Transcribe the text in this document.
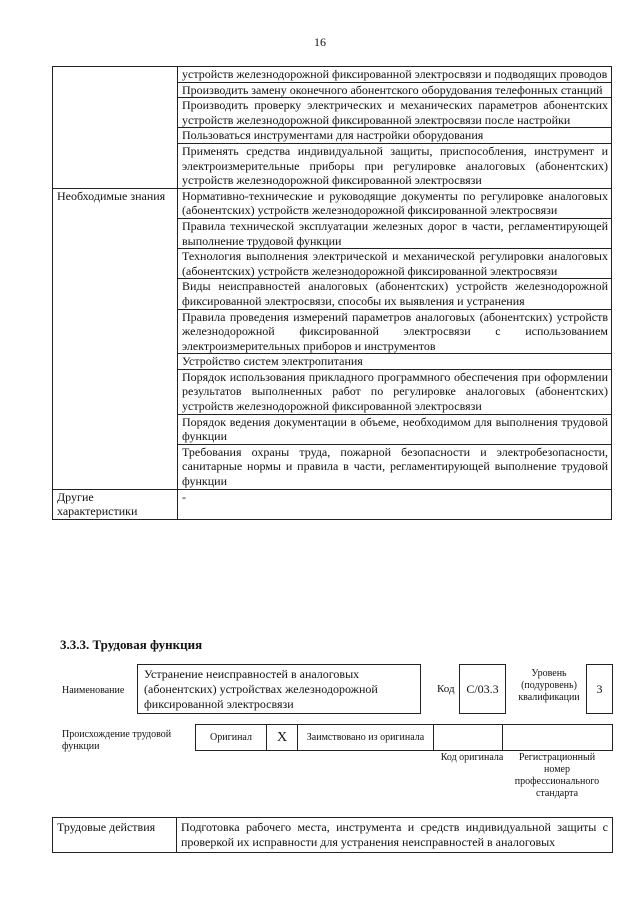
16
	устройств железнодорожной фиксированной электросвязи и подводящих проводов
	Производить замену оконечного абонентского оборудования телефонных станций
	Производить проверку электрических и механических параметров абонентских устройств железнодорожной фиксированной электросвязи после настройки
	Пользоваться инструментами для настройки оборудования
	Применять средства индивидуальной защиты, приспособления, инструмент и электроизмерительные приборы при регулировке аналоговых (абонентских) устройств железнодорожной фиксированной электросвязи
Необходимые знания	Нормативно-технические и руководящие документы по регулировке аналоговых (абонентских) устройств железнодорожной фиксированной электросвязи
	Правила технической эксплуатации железных дорог в части, регламентирующей выполнение трудовой функции
	Технология выполнения электрической и механической регулировки аналоговых (абонентских) устройств железнодорожной фиксированной электросвязи
	Виды неисправностей аналоговых (абонентских) устройств железнодорожной фиксированной электросвязи, способы их выявления и устранения
	Правила проведения измерений параметров аналоговых (абонентских) устройств железнодорожной фиксированной электросвязи с использованием электроизмерительных приборов и инструментов
	Устройство систем электропитания
	Порядок использования прикладного программного обеспечения при оформлении результатов выполненных работ по регулировке аналоговых (абонентских) устройств железнодорожной фиксированной электросвязи
	Порядок ведения документации в объеме, необходимом для выполнения трудовой функции
	Требования охраны труда, пожарной безопасности и электробезопасности, санитарные нормы и правила в части, регламентирующей выполнение трудовой функции
Другие характеристики	-
3.3.3. Трудовая функция
Наименование
Устранение неисправностей в аналоговых (абонентских) устройствах железнодорожной фиксированной электросвязи
Код C/03.3
Уровень (подуровень) квалификации
3
Происхождение трудовой функции
Оригинал	X	Заимствовано из оригинала		
Код оригинала	Регистрационный номер профессионального стандарта
Трудовые действия	Подготовка рабочего места, инструмента и средств индивидуальной защиты с проверкой их исправности для устранения неисправностей в аналоговых
